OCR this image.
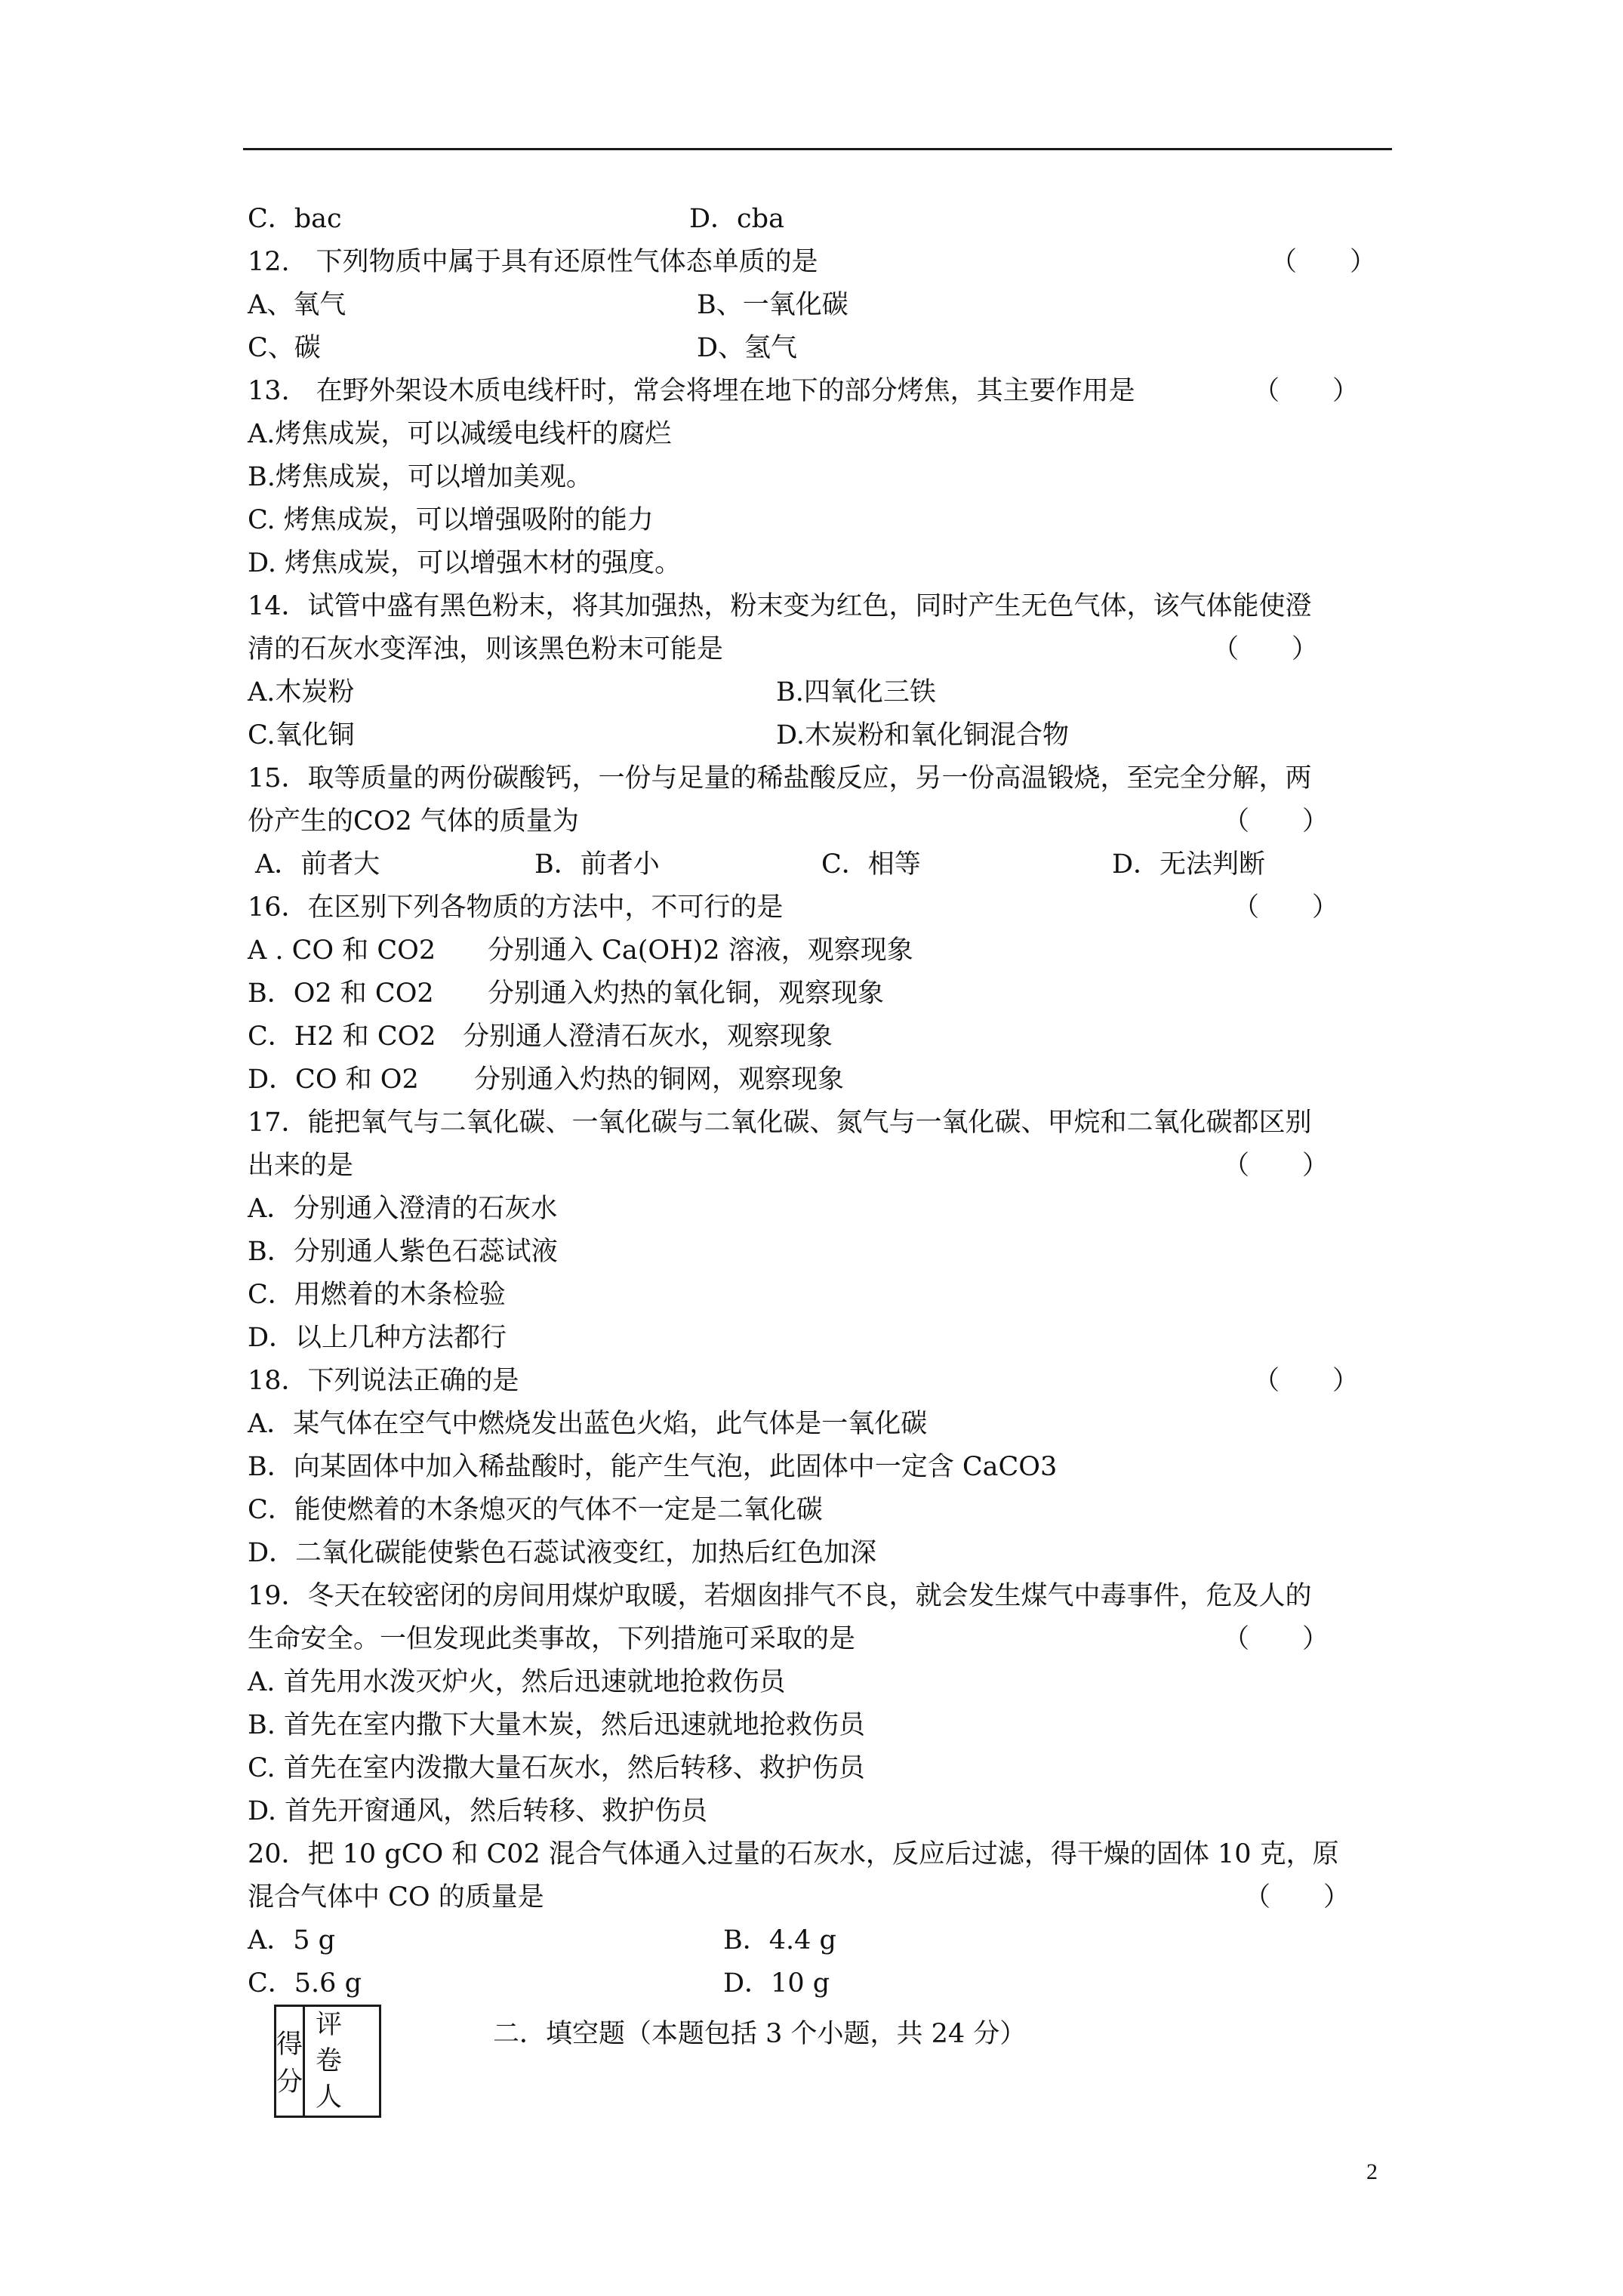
C．bac	D．cba
12.　下列物质中属于具有还原性气体态单质的是	（　　）
A、氧气	B、一氧化碳
C、碳	D、氢气
13.　在野外架设木质电线杆时，常会将埋在地下的部分烤焦，其主要作用是	（　　）
A.烤焦成炭，可以减缓电线杆的腐烂
B.烤焦成炭，可以增加美观。
C. 烤焦成炭，可以增强吸附的能力
D. 烤焦成炭，可以增强木材的强度。
14．试管中盛有黑色粉末，将其加强热，粉末变为红色，同时产生无色气体，该气体能使澄
清的石灰水变浑浊，则该黑色粉末可能是	（　　）
A.木炭粉	B.四氧化三铁
C.氧化铜	D.木炭粉和氧化铜混合物
15．取等质量的两份碳酸钙，一份与足量的稀盐酸反应，另一份高温锻烧，至完全分解，两
份产生的CO2 气体的质量为	（　　）
A．前者大	B．前者小	C．相等	D．无法判断
16．在区别下列各物质的方法中，不可行的是	（　　）
A . CO 和 CO2 分别通入 Ca(OH)2 溶液，观察现象
B．O2 和 CO2 分别通入灼热的氧化铜，观察现象
C．H2 和 CO2 分别通人澄清石灰水，观察现象
D．CO 和 O2 分别通入灼热的铜网，观察现象
17．能把氧气与二氧化碳、一氧化碳与二氧化碳、氮气与一氧化碳、甲烷和二氧化碳都区别
出来的是	（　　）
A．分别通入澄清的石灰水
B．分别通人紫色石蕊试液
C．用燃着的木条检验
D．以上几种方法都行
18．下列说法正确的是	（　　）
A．某气体在空气中燃烧发出蓝色火焰，此气体是一氧化碳
B．向某固体中加入稀盐酸时，能产生气泡，此固体中一定含 CaCO3
C．能使燃着的木条熄灭的气体不一定是二氧化碳
D．二氧化碳能使紫色石蕊试液变红，加热后红色加深
19．冬天在较密闭的房间用煤炉取暖，若烟囱排气不良，就会发生煤气中毒事件，危及人的
生命安全。一但发现此类事故，下列措施可采取的是	（　　）
A. 首先用水泼灭炉火，然后迅速就地抢救伤员
B. 首先在室内撒下大量木炭，然后迅速就地抢救伤员
C. 首先在室内泼撒大量石灰水，然后转移、救护伤员
D. 首先开窗通风，然后转移、救护伤员
20．把 10 gCO 和 C02 混合气体通入过量的石灰水，反应后过滤，得干燥的固体 10 克，原
混合气体中 CO 的质量是	（　　）
A．5 g	B．4.4 g
C．5.6 g	D．10 g
得分	
评　卷
人
二．填空题（本题包括 3 个小题，共 24 分）
2
